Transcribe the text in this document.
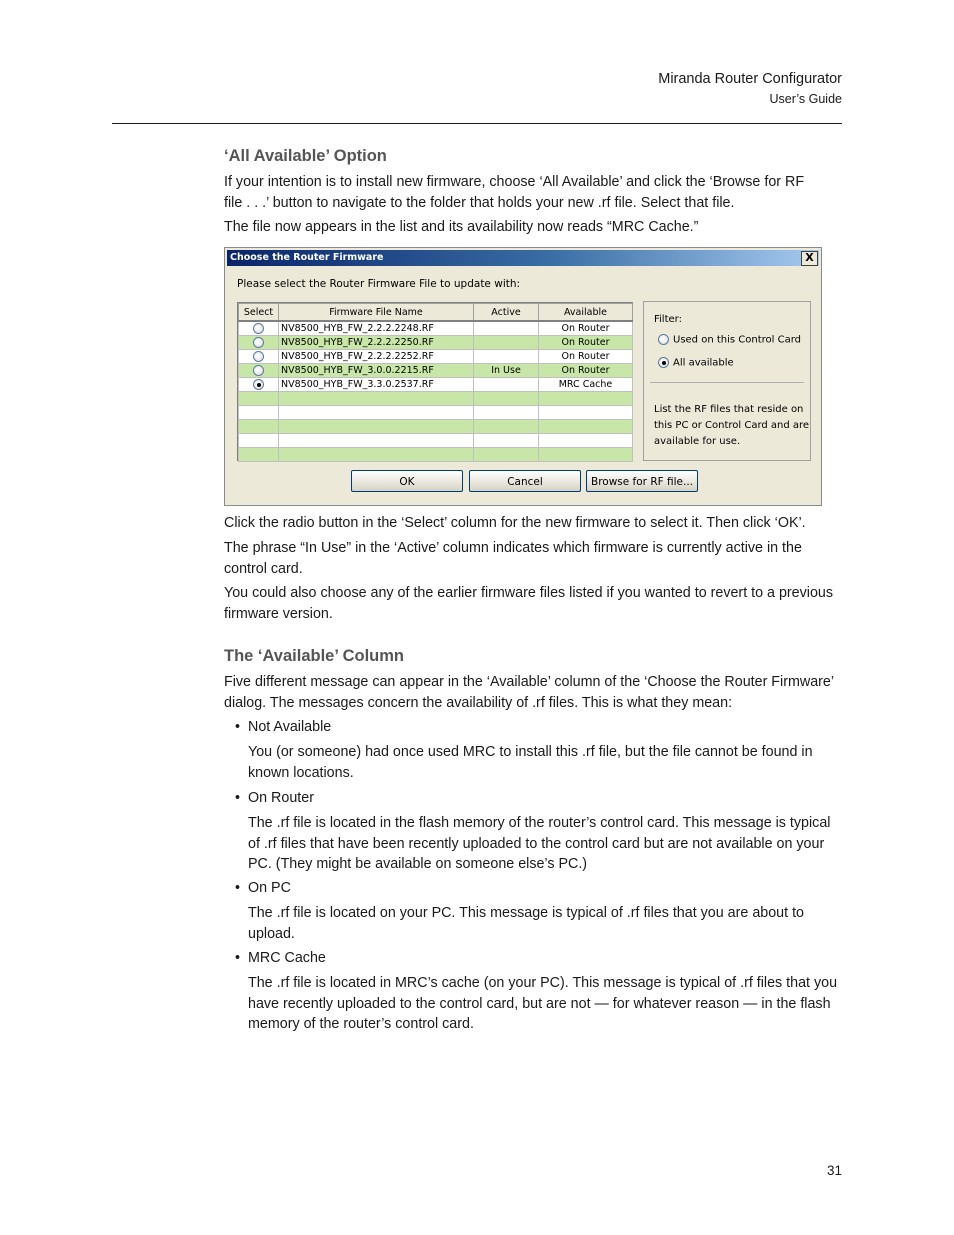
Miranda Router Configurator
User’s Guide
‘All Available’ Option
If your intention is to install new firmware, choose ‘All Available’ and click the ‘Browse for RF
file . . .’ button to navigate to the folder that holds your new .rf file. Select that file.
The file now appears in the list and its availability now reads “MRC Cache.”
Choose the Router Firmware	X
Please select the Router Firmware File to update with:
Select	Firmware File Name	Active	Available
	NV8500_HYB_FW_2.2.2.2248.RF		On Router
	NV8500_HYB_FW_2.2.2.2250.RF		On Router
	NV8500_HYB_FW_2.2.2.2252.RF		On Router
	NV8500_HYB_FW_3.0.0.2215.RF	In Use	On Router
	NV8500_HYB_FW_3.3.0.2537.RF		MRC Cache

Filter:
Used on this Control Card
All available
List the RF files that reside on this PC or Control Card and are available for use.
OK	Cancel	Browse for RF file...
Click the radio button in the ‘Select’ column for the new firmware to select it. Then click ‘OK’.
The phrase “In Use” in the ‘Active’ column indicates which firmware is currently active in the
control card.
You could also choose any of the earlier firmware files listed if you wanted to revert to a previous
firmware version.
The ‘Available’ Column
Five different message can appear in the ‘Available’ column of the ‘Choose the Router Firmware’
dialog. The messages concern the availability of .rf files. This is what they mean:
• Not Available
You (or someone) had once used MRC to install this .rf file, but the file cannot be found in
known locations.
• On Router
The .rf file is located in the flash memory of the router’s control card. This message is typical
of .rf files that have been recently uploaded to the control card but are not available on your
PC. (They might be available on someone else’s PC.)
• On PC
The .rf file is located on your PC. This message is typical of .rf files that you are about to
upload.
• MRC Cache
The .rf file is located in MRC’s cache (on your PC). This message is typical of .rf files that you
have recently uploaded to the control card, but are not — for whatever reason — in the flash
memory of the router’s control card.
31
